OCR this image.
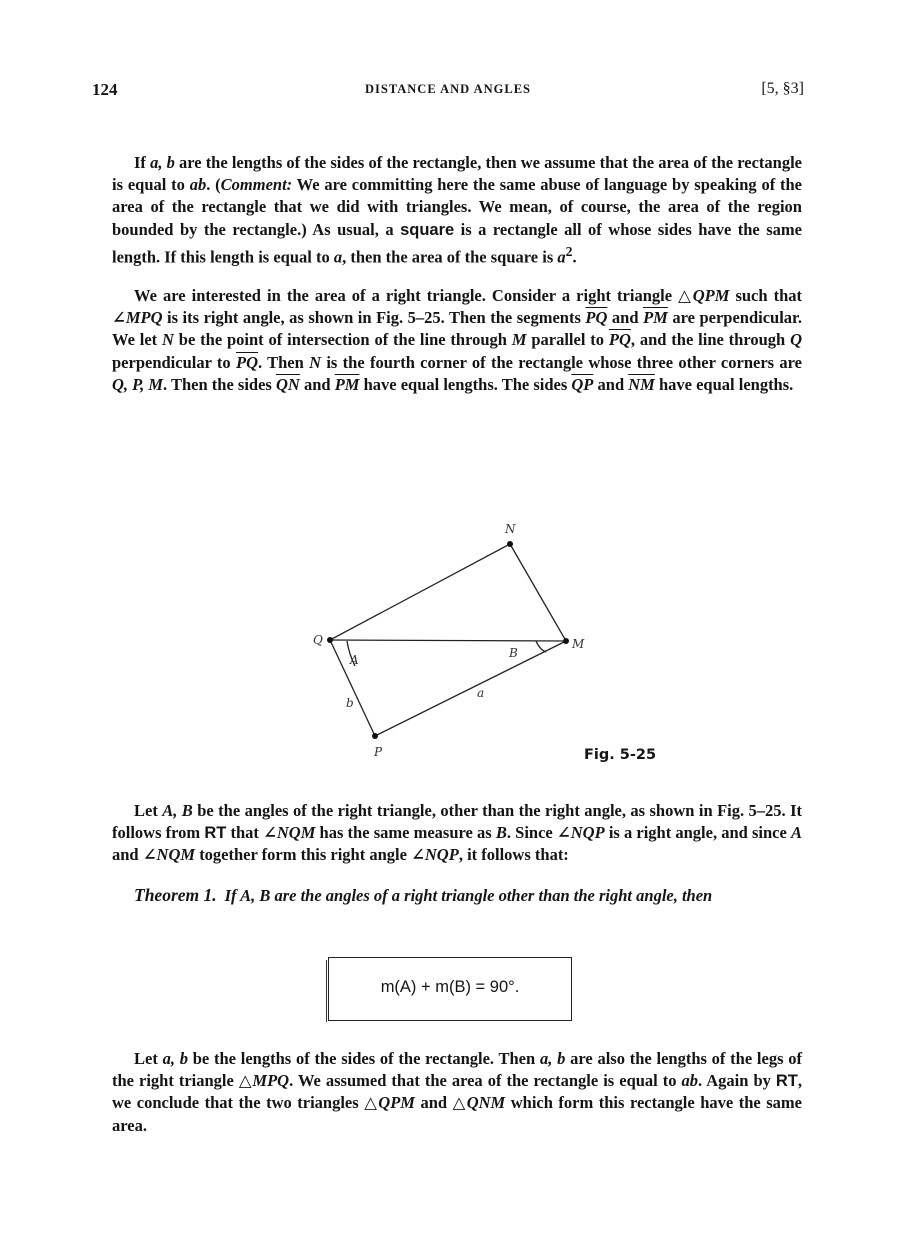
124	DISTANCE AND ANGLES	[5, §3]
If a, b are the lengths of the sides of the rectangle, then we assume that the area of the rectangle is equal to ab. (Comment: We are committing here the same abuse of language by speaking of the area of the rectangle that we did with triangles. We mean, of course, the area of the region bounded by the rectangle.) As usual, a square is a rectangle all of whose sides have the same length. If this length is equal to a, then the area of the square is $a^2$.
We are interested in the area of a right triangle. Consider a right triangle △QPM such that ∠MPQ is its right angle, as shown in Fig. 5–25. Then the segments $\overline{PQ}$ and $\overline{PM}$ are perpendicular. We let N be the point of intersection of the line through M parallel to $\overline{PQ}$, and the line through Q perpendicular to $\overline{PQ}$. Then N is the fourth corner of the rectangle whose three other corners are Q, P, M. Then the sides $\overline{QN}$ and $\overline{PM}$ have equal lengths. The sides $\overline{QP}$ and $\overline{NM}$ have equal lengths.
N
Q	M
P
A	B
a
b
Fig. 5-25
Let A, B be the angles of the right triangle, other than the right angle, as shown in Fig. 5–25. It follows from RT that ∠NQM has the same measure as B. Since ∠NQP is a right angle, and since A and ∠NQM together form this right angle ∠NQP, it follows that:
Theorem 1. If A, B are the angles of a right triangle other than the right angle, then
m(A) + m(B) = 90°.
Let a, b be the lengths of the sides of the rectangle. Then a, b are also the lengths of the legs of the right triangle △MPQ. We assumed that the area of the rectangle is equal to ab. Again by RT, we conclude that the two triangles △QPM and △QNM which form this rectangle have the same area.
